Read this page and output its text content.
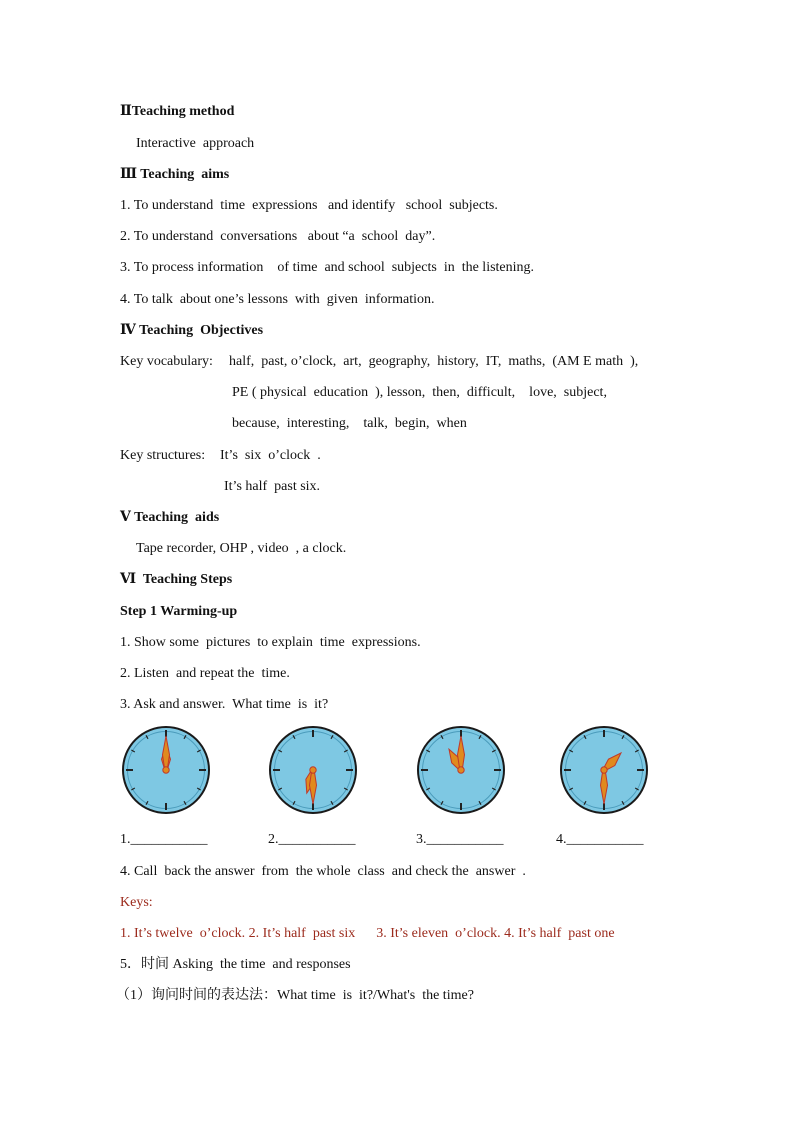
ⅡTeaching method
Interactive  approach
Ⅲ Teaching  aims
1. To understand  time  expressions   and identify   school  subjects.
2. To understand  conversations   about “a  school  day”.
3. To process information    of time  and school  subjects  in  the listening.
4. To talk  about one’s lessons  with  given  information.
Ⅳ Teaching  Objectives
Key vocabulary: half,  past, o’clock,  art,  geography,  history,  IT,  maths,  (AM E math  ),
PE ( physical  education  ), lesson,  then,  difficult,    love,  subject,
because,  interesting,    talk,  begin,  when
Key structures: It’s  six  o’clock  .
It’s half  past six.
Ⅴ Teaching  aids
Tape recorder, OHP , video  , a clock.
Ⅵ  Teaching Steps
Step 1 Warming-up
1. Show some  pictures  to explain  time  expressions.
2. Listen  and repeat the  time.
3. Ask and answer.  What time  is  it?
1.___________	2.___________	3.___________	4.___________
4. Call  back the answer  from  the whole  class  and check the  answer  .
Keys:
1. It’s twelve  o’clock. 2. It’s half  past six      3. It’s eleven  o’clock. 4. It’s half  past one
5．时间 Asking  the time  and responses
（1）询问时间的表达法：What time  is  it?/What's  the time?
